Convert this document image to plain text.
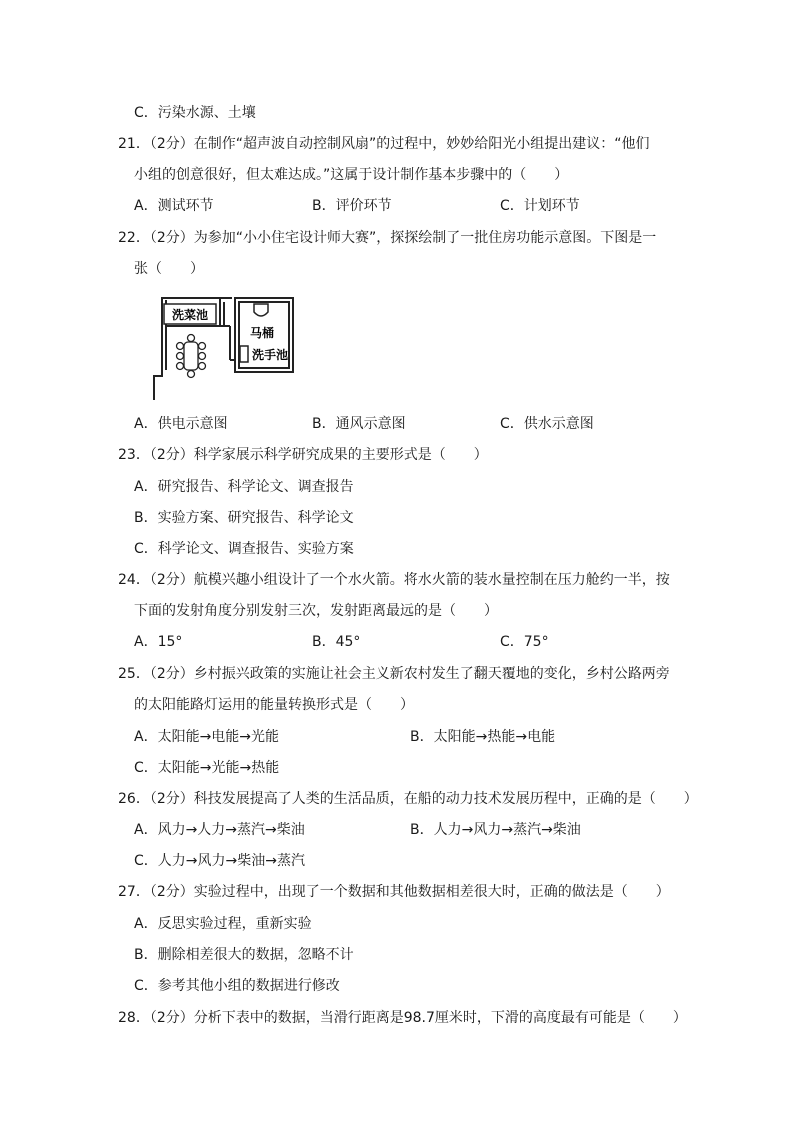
C．污染水源、土壤
21．（2分）在制作“超声波自动控制风扇”的过程中，妙妙给阳光小组提出建议：“他们
小组的创意很好，但太难达成。”这属于设计制作基本步骤中的（　　）
A．测试环节	B．评价环节	C．计划环节
22．（2分）为参加“小小住宅设计师大赛”，探探绘制了一批住房功能示意图。下图是一
张（　　）
洗菜池
马桶
洗手池
A．供电示意图	B．通风示意图	C．供水示意图
23．（2分）科学家展示科学研究成果的主要形式是（　　）
A．研究报告、科学论文、调查报告
B．实验方案、研究报告、科学论文
C．科学论文、调查报告、实验方案
24．（2分）航模兴趣小组设计了一个水火箭。将水火箭的装水量控制在压力舱约一半，按
下面的发射角度分别发射三次，发射距离最远的是（　　）
A．15°	B．45°	C．75°
25．（2分）乡村振兴政策的实施让社会主义新农村发生了翻天覆地的变化，乡村公路两旁
的太阳能路灯运用的能量转换形式是（　　）
A．太阳能→电能→光能	B．太阳能→热能→电能
C．太阳能→光能→热能
26．（2分）科技发展提高了人类的生活品质，在船的动力技术发展历程中，正确的是（　　）
A．风力→人力→蒸汽→柴油	B．人力→风力→蒸汽→柴油
C．人力→风力→柴油→蒸汽
27．（2分）实验过程中，出现了一个数据和其他数据相差很大时，正确的做法是（　　）
A．反思实验过程，重新实验
B．删除相差很大的数据，忽略不计
C．参考其他小组的数据进行修改
28．（2分）分析下表中的数据，当滑行距离是98.7厘米时，下滑的高度最有可能是（　　）
